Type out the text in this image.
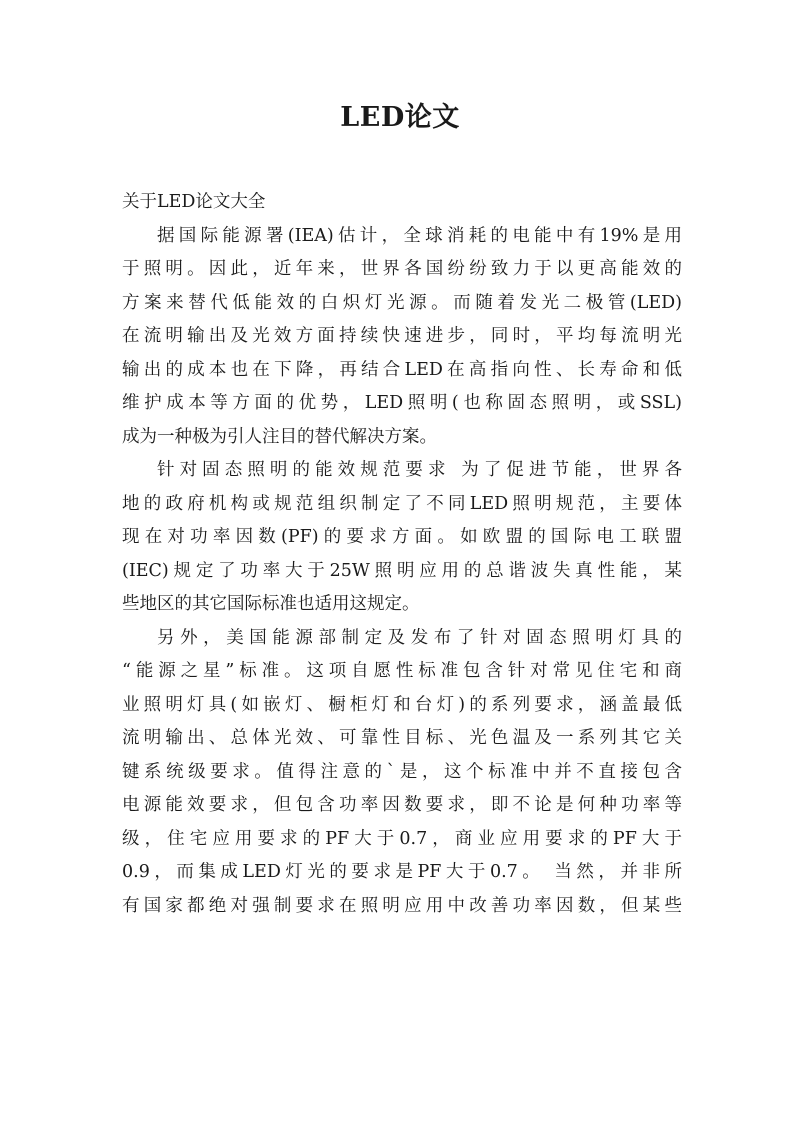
LED论文

关于LED论文大全

据国际能源署(IEA)估计，全球消耗的电能中有19%是用
于照明。因此，近年来，世界各国纷纷致力于以更高能效的
方案来替代低能效的白炽灯光源。而随着发光二极管(LED)
在流明输出及光效方面持续快速进步，同时，平均每流明光
输出的成本也在下降，再结合LED在高指向性、长寿命和低
维护成本等方面的优势，LED照明(也称固态照明，或SSL)
成为一种极为引人注目的替代解决方案。
针对固态照明的能效规范要求 为了促进节能，世界各
地的政府机构或规范组织制定了不同LED照明规范，主要体
现在对功率因数(PF)的要求方面。如欧盟的国际电工联盟
(IEC)规定了功率大于25W照明应用的总谐波失真性能，某
些地区的其它国际标准也适用这规定。
另外，美国能源部制定及发布了针对固态照明灯具的
“能源之星”标准。这项自愿性标准包含针对常见住宅和商
业照明灯具(如嵌灯、橱柜灯和台灯)的系列要求，涵盖最低
流明输出、总体光效、可靠性目标、光色温及一系列其它关
键系统级要求。值得注意的`是，这个标准中并不直接包含
电源能效要求，但包含功率因数要求，即不论是何种功率等
级，住宅应用要求的PF大于0.7，商业应用要求的PF大于
0.9，而集成LED灯光的要求是PF大于0.7。 当然，并非所
有国家都绝对强制要求在照明应用中改善功率因数，但某些
